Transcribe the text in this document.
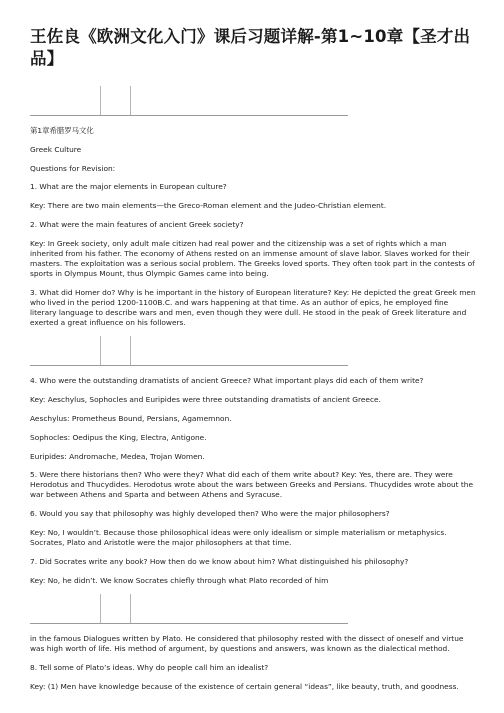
王佐良《欧洲文化入门》课后习题详解-第1~10章【圣才出品】

第1章希腊罗马文化

Greek Culture

Questions for Revision:

1. What are the major elements in European culture?

Key: There are two main elements—the Greco-Roman element and the Judeo-Christian element.

2. What were the main features of ancient Greek society?

Key: In Greek society, only adult male citizen had real power and the citizenship was a set of rights which a man inherited from his father. The economy of Athens rested on an immense amount of slave labor. Slaves worked for their masters. The exploitation was a serious social problem. The Greeks loved sports. They often took part in the contests of sports in Olympus Mount, thus Olympic Games came into being.

3. What did Homer do? Why is he important in the history of European literature? Key: He depicted the great Greek men who lived in the period 1200-1100B.C. and wars happening at that time. As an author of epics, he employed fine literary language to describe wars and men, even though they were dull. He stood in the peak of Greek literature and exerted a great influence on his followers.

4. Who were the outstanding dramatists of ancient Greece? What important plays did each of them write?

Key: Aeschylus, Sophocles and Euripides were three outstanding dramatists of ancient Greece.

Aeschylus: Prometheus Bound, Persians, Agamemnon.

Sophocles: Oedipus the King, Electra, Antigone.

Euripides: Andromache, Medea, Trojan Women.

5. Were there historians then? Who were they? What did each of them write about? Key: Yes, there are. They were Herodotus and Thucydides. Herodotus wrote about the wars between Greeks and Persians. Thucydides wrote about the war between Athens and Sparta and between Athens and Syracuse.

6. Would you say that philosophy was highly developed then? Who were the major philosophers?

Key: No, I wouldn’t. Because those philosophical ideas were only idealism or simple materialism or metaphysics. Socrates, Plato and Aristotle were the major philosophers at that time.

7. Did Socrates write any book? How then do we know about him? What distinguished his philosophy?

Key: No, he didn’t. We know Socrates chiefly through what Plato recorded of him

in the famous Dialogues written by Plato. He considered that philosophy rested with the dissect of oneself and virtue was high worth of life. His method of argument, by questions and answers, was known as the dialectical method.

8. Tell some of Plato’s ideas. Why do people call him an idealist?

Key: (1) Men have knowledge because of the existence of certain general “ideas”, like beauty, truth, and goodness.
